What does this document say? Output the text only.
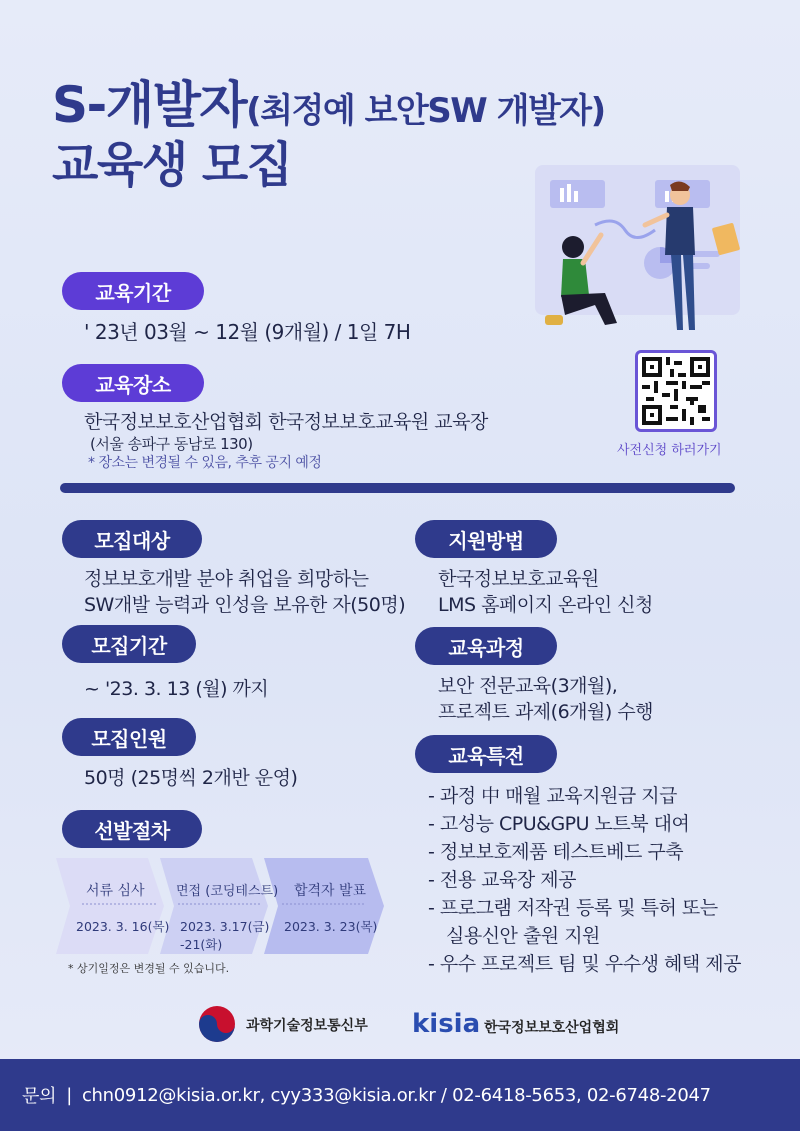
S-개발자(최정예 보안SW 개발자)
교육생 모집
교육기간
' 23년 03월 ~ 12월 (9개월) / 1일 7H
교육장소
한국정보보호산업협회 한국정보보호교육원 교육장
(서울 송파구 동남로 130)
* 장소는 변경될 수 있음, 추후 공지 예정
사전신청 하러가기
모집대상
정보보호개발 분야 취업을 희망하는
SW개발 능력과 인성을 보유한 자(50명)
지원방법
한국정보보호교육원
LMS 홈페이지 온라인 신청
모집기간
~ '23. 3. 13 (월) 까지
교육과정
보안 전문교육(3개월),
프로젝트 과제(6개월) 수행
모집인원
50명 (25명씩 2개반 운영)
교육특전
- 과정 中 매월 교육지원금 지급
- 고성능 CPU&GPU 노트북 대여
- 정보보호제품 테스트베드 구축
- 전용 교육장 제공
- 프로그램 저작권 등록 및 특허 또는
실용신안 출원 지원
- 우수 프로젝트 팀 및 우수생 혜택 제공
선발절차
서류 심사 면접 (코딩테스트) 합격자 발표
2023. 3. 16(목) 2023. 3.17(금)
-21(화)
2023. 3. 23(목)
* 상기일정은 변경될 수 있습니다.
과학기술정보통신부 kisia 한국정보보호산업협회
문의 | chn0912@kisia.or.kr, cyy333@kisia.or.kr / 02-6418-5653, 02-6748-2047
